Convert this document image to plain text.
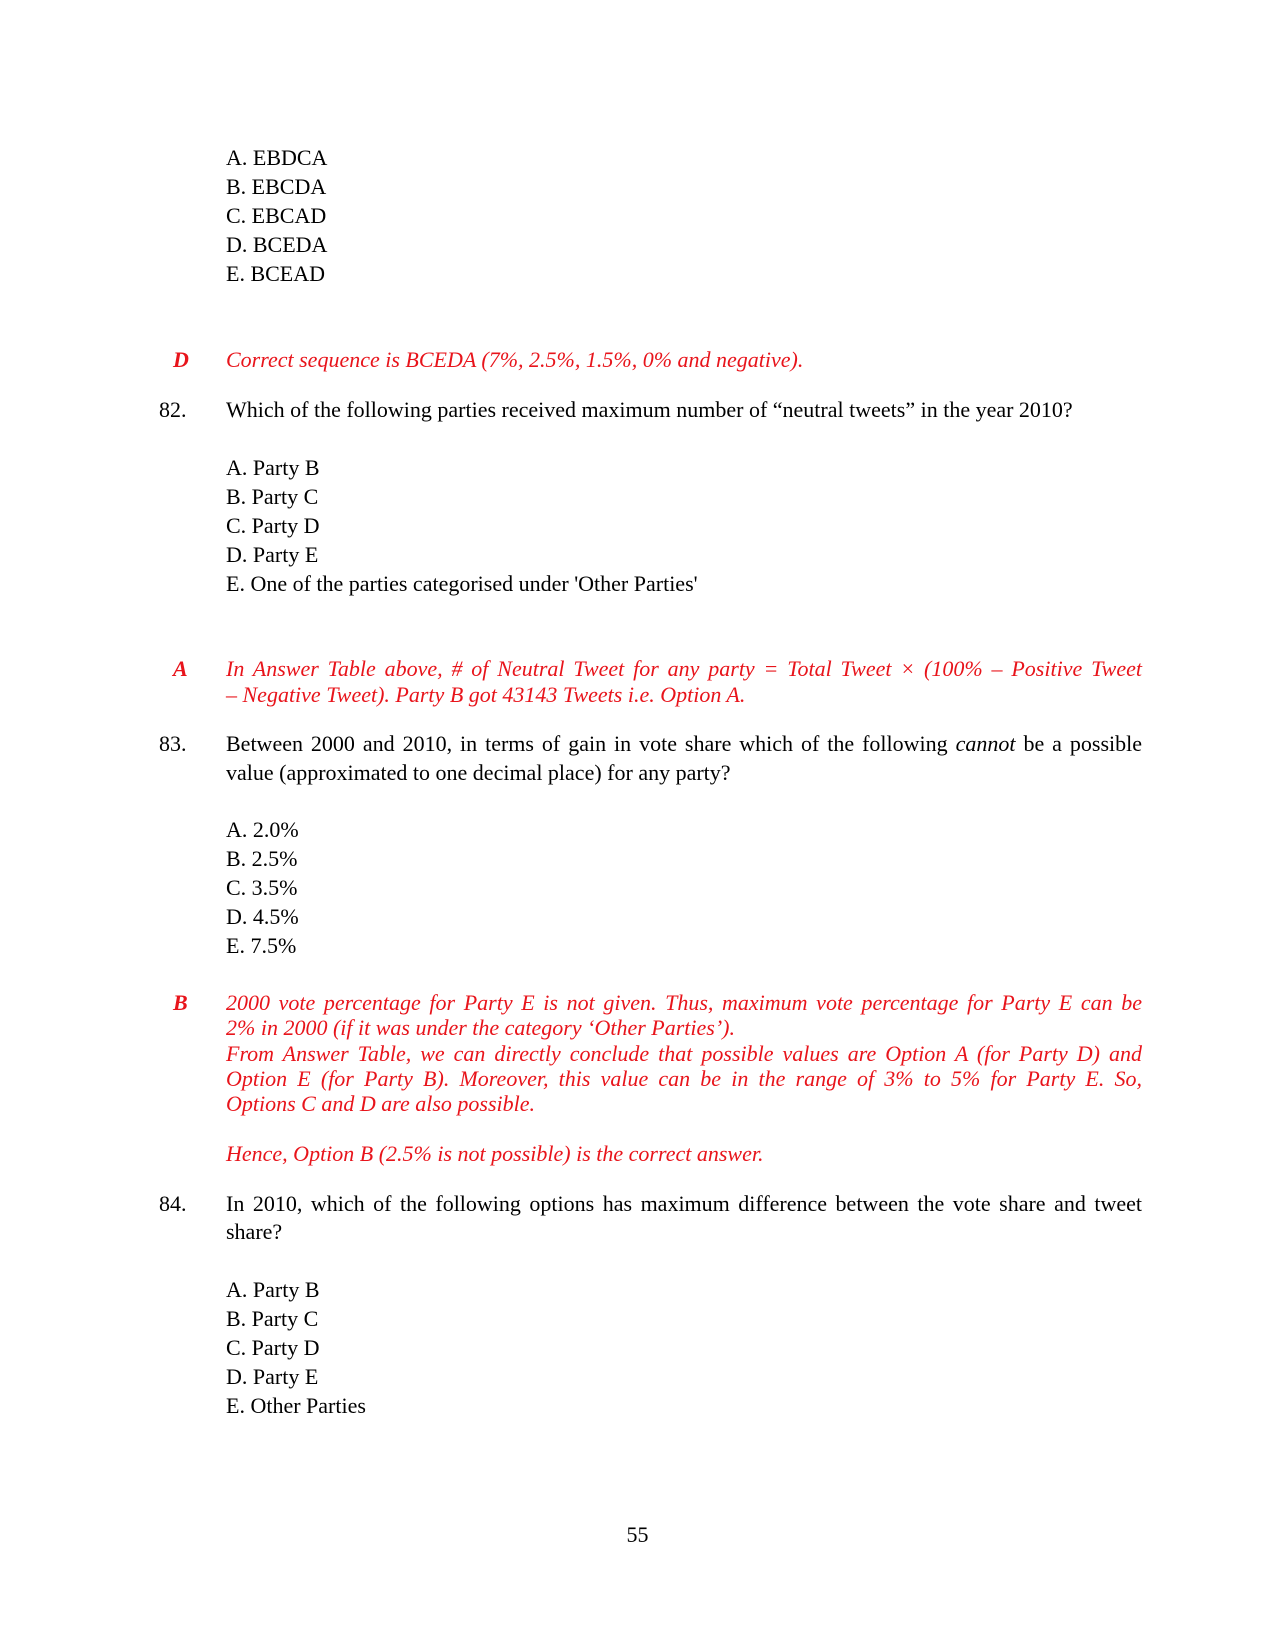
A. EBDCA
B. EBCDA
C. EBCAD
D. BCEDA
E. BCEAD
D Correct sequence is BCEDA (7%, 2.5%, 1.5%, 0% and negative).
82. Which of the following parties received maximum number of “neutral tweets” in the year 2010?
A. Party B
B. Party C
C. Party D
D. Party E
E. One of the parties categorised under 'Other Parties'
A In Answer Table above, # of Neutral Tweet for any party = Total Tweet × (100% – Positive Tweet
– Negative Tweet). Party B got 43143 Tweets i.e. Option A.
83. Between 2000 and 2010, in terms of gain in vote share which of the following cannot be a possible
value (approximated to one decimal place) for any party?
A. 2.0%
B. 2.5%
C. 3.5%
D. 4.5%
E. 7.5%
B 2000 vote percentage for Party E is not given. Thus, maximum vote percentage for Party E can be
2% in 2000 (if it was under the category ‘Other Parties’).
From Answer Table, we can directly conclude that possible values are Option A (for Party D) and
Option E (for Party B). Moreover, this value can be in the range of 3% to 5% for Party E. So,
Options C and D are also possible.
Hence, Option B (2.5% is not possible) is the correct answer.
84. In 2010, which of the following options has maximum difference between the vote share and tweet
share?
A. Party B
B. Party C
C. Party D
D. Party E
E. Other Parties
55
